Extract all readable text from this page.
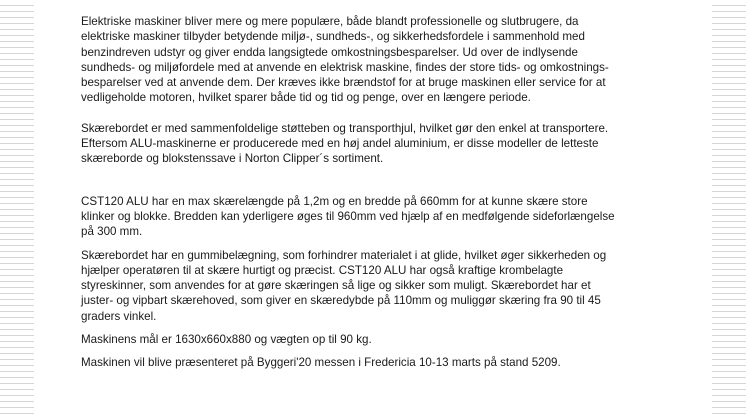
Elektriske maskiner bliver mere og mere populære, både blandt professionelle og slutbrugere, da
elektriske maskiner tilbyder betydende miljø-, sundheds-, og sikkerhedsfordele i sammenhold med
benzindreven udstyr og giver endda langsigtede omkostningsbesparelser. Ud over de indlysende
sundheds- og miljøfordele med at anvende en elektrisk maskine, findes der store tids- og omkostnings-
besparelser ved at anvende dem. Der kræves ikke brændstof for at bruge maskinen eller service for at
vedligeholde motoren, hvilket sparer både tid og tid og penge, over en længere periode.

Skærebordet er med sammenfoldelige støtteben og transporthjul, hvilket gør den enkel at transportere.
Eftersom ALU-maskinerne er producerede med en høj andel aluminium, er disse modeller de letteste
skæreborde og blokstenssave i Norton Clipper´s sortiment.

CST120 ALU har en max skærelængde på 1,2m og en bredde på 660mm for at kunne skære store
klinker og blokke. Bredden kan yderligere øges til 960mm ved hjælp af en medfølgende sideforlængelse
på 300 mm.

Skærebordet har en gummibelægning, som forhindrer materialet i at glide, hvilket øger sikkerheden og
hjælper operatøren til at skære hurtigt og præcist. CST120 ALU har også kraftige krombelagte
styreskinner, som anvendes for at gøre skæringen så lige og sikker som muligt. Skærebordet har et
juster- og vipbart skærehoved, som giver en skæredybde på 110mm og muliggør skæring fra 90 til 45
graders vinkel.

Maskinens mål er 1630x660x880 og vægten op til 90 kg.

Maskinen vil blive præsenteret på Byggeri'20 messen i Fredericia 10-13 marts på stand 5209.
